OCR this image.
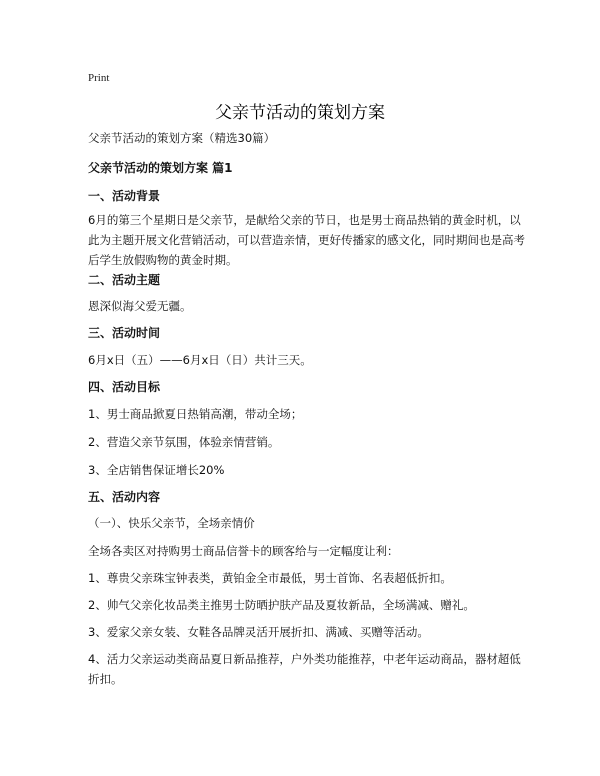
Print
父亲节活动的策划方案
父亲节活动的策划方案（精选30篇）
父亲节活动的策划方案 篇1
一、活动背景
6月的第三个星期日是父亲节，是献给父亲的节日，也是男士商品热销的黄金时机，以此为主题开展文化营销活动，可以营造亲情，更好传播家的感文化，同时期间也是高考后学生放假购物的黄金时期。
二、活动主题
恩深似海父爱无疆。
三、活动时间
6月x日（五）——6月x日（日）共计三天。
四、活动目标
1、男士商品掀夏日热销高潮，带动全场；
2、营造父亲节氛围，体验亲情营销。
3、全店销售保证增长20%
五、活动内容
（一）、快乐父亲节，全场亲情价
全场各卖区对持购男士商品信誉卡的顾客给与一定幅度让利：
1、尊贵父亲珠宝钟表类，黄铂金全市最低，男士首饰、名表超低折扣。
2、帅气父亲化妆品类主推男士防晒护肤产品及夏妆新品，全场满减、赠礼。
3、爱家父亲女装、女鞋各品牌灵活开展折扣、满减、买赠等活动。
4、活力父亲运动类商品夏日新品推荐，户外类功能推荐，中老年运动商品，器材超低折扣。
